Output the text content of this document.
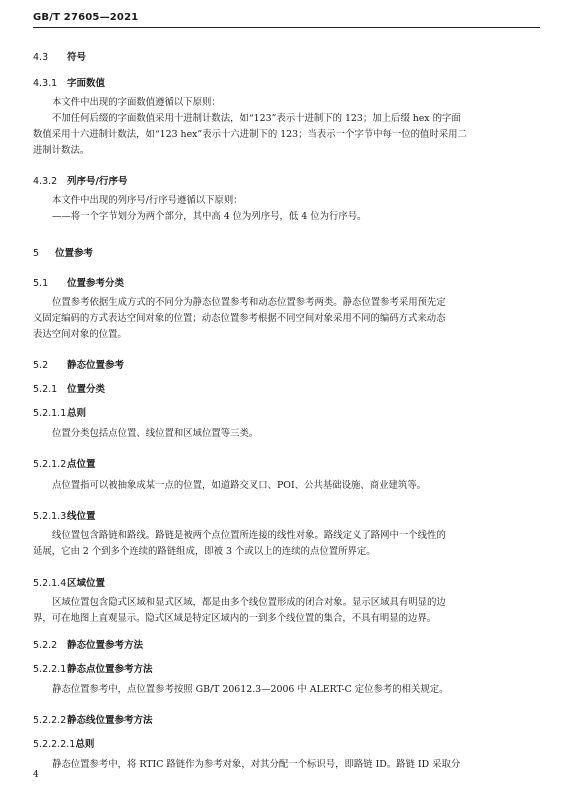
GB/T 27605—2021
4.3 符号
4.3.1 字面数值
本文件中出现的字面数值遵循以下原则：
不加任何后缀的字面数值采用十进制计数法，如“123”表示十进制下的 123；加上后缀 hex 的字面
数值采用十六进制计数法，如“123 hex”表示十六进制下的 123；当表示一个字节中每一位的值时采用二
进制计数法。
4.3.2 列序号/行序号
本文件中出现的列序号/行序号遵循以下原则：
——将一个字节划分为两个部分，其中高 4 位为列序号，低 4 位为行序号。
5 位置参考
5.1 位置参考分类
位置参考依据生成方式的不同分为静态位置参考和动态位置参考两类。静态位置参考采用预先定
义固定编码的方式表达空间对象的位置；动态位置参考根据不同空间对象采用不同的编码方式来动态
表达空间对象的位置。
5.2 静态位置参考
5.2.1 位置分类
5.2.1.1总则
位置分类包括点位置、线位置和区域位置等三类。
5.2.1.2点位置
点位置指可以被抽象成某一点的位置，如道路交叉口、POI、公共基础设施、商业建筑等。
5.2.1.3线位置
线位置包含路链和路线。路链是被两个点位置所连接的线性对象。路线定义了路网中一个线性的
延展，它由 2 个到多个连续的路链组成，即被 3 个或以上的连续的点位置所界定。
5.2.1.4区域位置
区域位置包含隐式区域和显式区域，都是由多个线位置形成的闭合对象。显示区域具有明显的边
界，可在地图上直观显示。隐式区域是特定区域内的一到多个线位置的集合，不具有明显的边界。
5.2.2 静态位置参考方法
5.2.2.1静态点位置参考方法
静态位置参考中，点位置参考按照 GB/T 20612.3—2006 中 ALERT-C 定位参考的相关规定。
5.2.2.2静态线位置参考方法
5.2.2.2.1总则
静态位置参考中，将 RTIC 路链作为参考对象，对其分配一个标识号，即路链 ID。路链 ID 采取分
4
